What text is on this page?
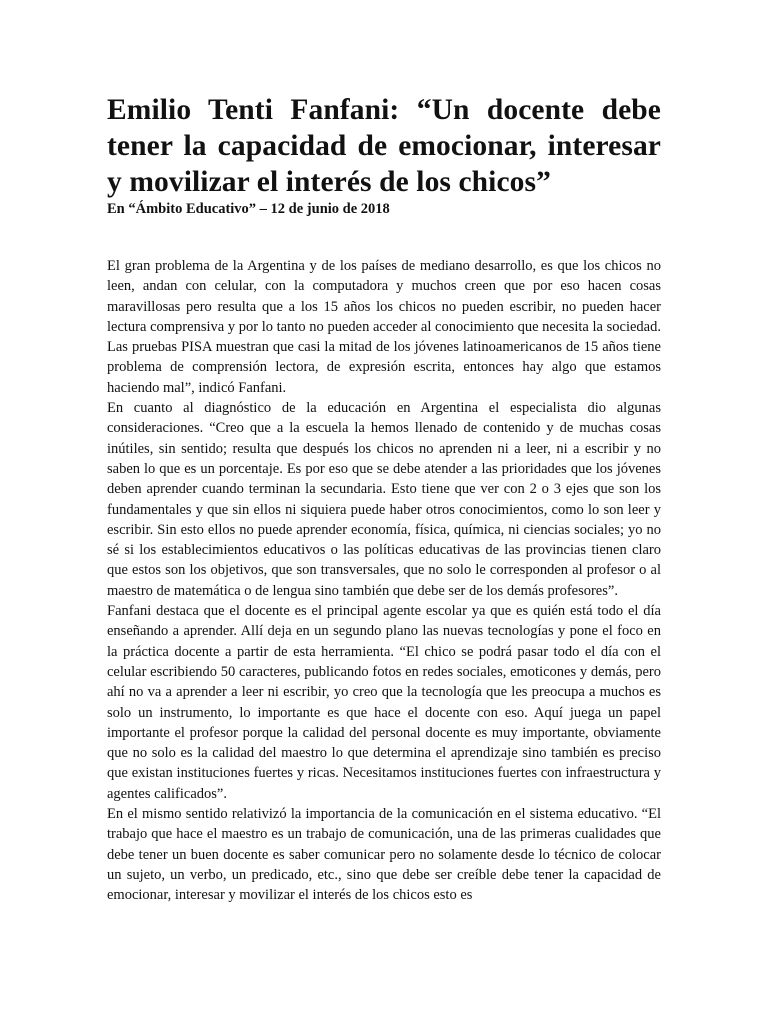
Emilio Tenti Fanfani: “Un docente debe tener la capacidad de emocionar, interesar y movilizar el interés de los chicos”

En “Ámbito Educativo” – 12 de junio de 2018

El gran problema de la Argentina y de los países de mediano desarrollo, es que los chicos no leen, andan con celular, con la computadora y muchos creen que por eso hacen cosas maravillosas pero resulta que a los 15 años los chicos no pueden escribir, no pueden hacer lectura comprensiva y por lo tanto no pueden acceder al conocimiento que necesita la sociedad. Las pruebas PISA muestran que casi la mitad de los jóvenes latinoamericanos de 15 años tiene problema de comprensión lectora, de expresión escrita, entonces hay algo que estamos haciendo mal”, indicó Fanfani.

En cuanto al diagnóstico de la educación en Argentina el especialista dio algunas consideraciones. “Creo que a la escuela la hemos llenado de contenido y de muchas cosas inútiles, sin sentido; resulta que después los chicos no aprenden ni a leer, ni a escribir y no saben lo que es un porcentaje. Es por eso que se debe atender a las prioridades que los jóvenes deben aprender cuando terminan la secundaria. Esto tiene que ver con 2 o 3 ejes que son los fundamentales y que sin ellos ni siquiera puede haber otros conocimientos, como lo son leer y escribir. Sin esto ellos no puede aprender economía, física, química, ni ciencias sociales; yo no sé si los establecimientos educativos o las políticas educativas de las provincias tienen claro que estos son los objetivos, que son transversales, que no solo le corresponden al profesor o al maestro de matemática o de lengua sino también que debe ser de los demás profesores”.

Fanfani destaca que el docente es el principal agente escolar ya que es quién está todo el día enseñando a aprender. Allí deja en un segundo plano las nuevas tecnologías y pone el foco en la práctica docente a partir de esta herramienta. “El chico se podrá pasar todo el día con el celular escribiendo 50 caracteres, publicando fotos en redes sociales, emoticones y demás, pero ahí no va a aprender a leer ni escribir, yo creo que la tecnología que les preocupa a muchos es solo un instrumento, lo importante es que hace el docente con eso. Aquí juega un papel importante el profesor porque la calidad del personal docente es muy importante, obviamente que no solo es la calidad del maestro lo que determina el aprendizaje sino también es preciso que existan instituciones fuertes y ricas. Necesitamos instituciones fuertes con infraestructura y agentes calificados”.

En el mismo sentido relativizó la importancia de la comunicación en el sistema educativo. “El trabajo que hace el maestro es un trabajo de comunicación, una de las primeras cualidades que debe tener un buen docente es saber comunicar pero no solamente desde lo técnico de colocar un sujeto, un verbo, un predicado, etc., sino que debe ser creíble debe tener la capacidad de emocionar, interesar y movilizar el interés de los chicos esto es
